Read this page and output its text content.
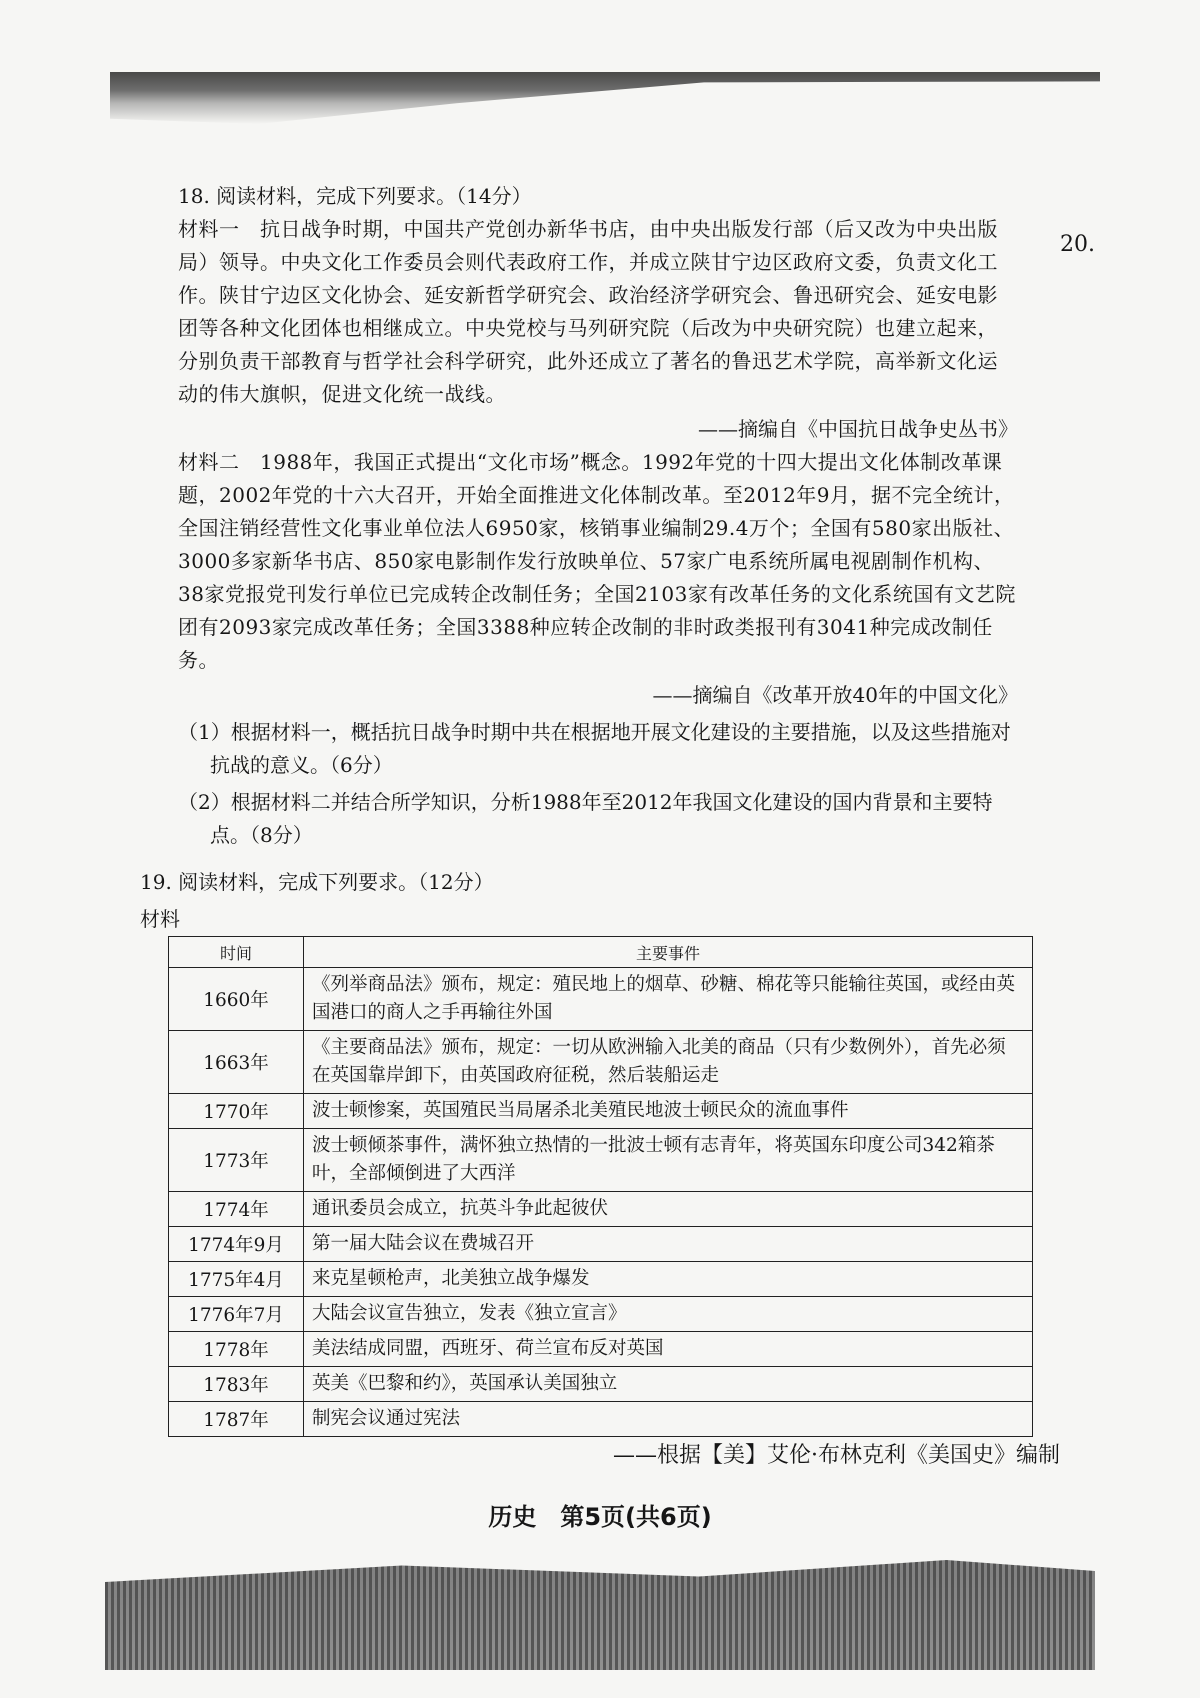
20.
18. 阅读材料，完成下列要求。（14分）
材料一　抗日战争时期，中国共产党创办新华书店，由中央出版发行部（后又改为中央出版局）领导。中央文化工作委员会则代表政府工作，并成立陕甘宁边区政府文委，负责文化工作。陕甘宁边区文化协会、延安新哲学研究会、政治经济学研究会、鲁迅研究会、延安电影团等各种文化团体也相继成立。中央党校与马列研究院（后改为中央研究院）也建立起来，分别负责干部教育与哲学社会科学研究，此外还成立了著名的鲁迅艺术学院，高举新文化运动的伟大旗帜，促进文化统一战线。
——摘编自《中国抗日战争史丛书》
材料二　1988年，我国正式提出“文化市场”概念。1992年党的十四大提出文化体制改革课题，2002年党的十六大召开，开始全面推进文化体制改革。至2012年9月，据不完全统计，全国注销经营性文化事业单位法人6950家，核销事业编制29.4万个；全国有580家出版社、3000多家新华书店、850家电影制作发行放映单位、57家广电系统所属电视剧制作机构、38家党报党刊发行单位已完成转企改制任务；全国2103家有改革任务的文化系统国有文艺院团有2093家完成改革任务；全国3388种应转企改制的非时政类报刊有3041种完成改制任务。
——摘编自《改革开放40年的中国文化》
（1）根据材料一，概括抗日战争时期中共在根据地开展文化建设的主要措施，以及这些措施对抗战的意义。（6分）
（2）根据材料二并结合所学知识，分析1988年至2012年我国文化建设的国内背景和主要特点。（8分）
19. 阅读材料，完成下列要求。（12分）
材料
时间	主要事件
1660年	《列举商品法》颁布，规定：殖民地上的烟草、砂糖、棉花等只能输往英国，或经由英国港口的商人之手再输往外国
1663年	《主要商品法》颁布，规定：一切从欧洲输入北美的商品（只有少数例外），首先必须在英国靠岸卸下，由英国政府征税，然后装船运走
1770年	波士顿惨案，英国殖民当局屠杀北美殖民地波士顿民众的流血事件
1773年	波士顿倾茶事件，满怀独立热情的一批波士顿有志青年，将英国东印度公司342箱茶叶，全部倾倒进了大西洋
1774年	通讯委员会成立，抗英斗争此起彼伏
1774年9月	第一届大陆会议在费城召开
1775年4月	来克星顿枪声，北美独立战争爆发
1776年7月	大陆会议宣告独立，发表《独立宣言》
1778年	美法结成同盟，西班牙、荷兰宣布反对英国
1783年	英美《巴黎和约》，英国承认美国独立
1787年	制宪会议通过宪法
——根据【美】艾伦·布林克利《美国史》编制
历史　第5页(共6页)
